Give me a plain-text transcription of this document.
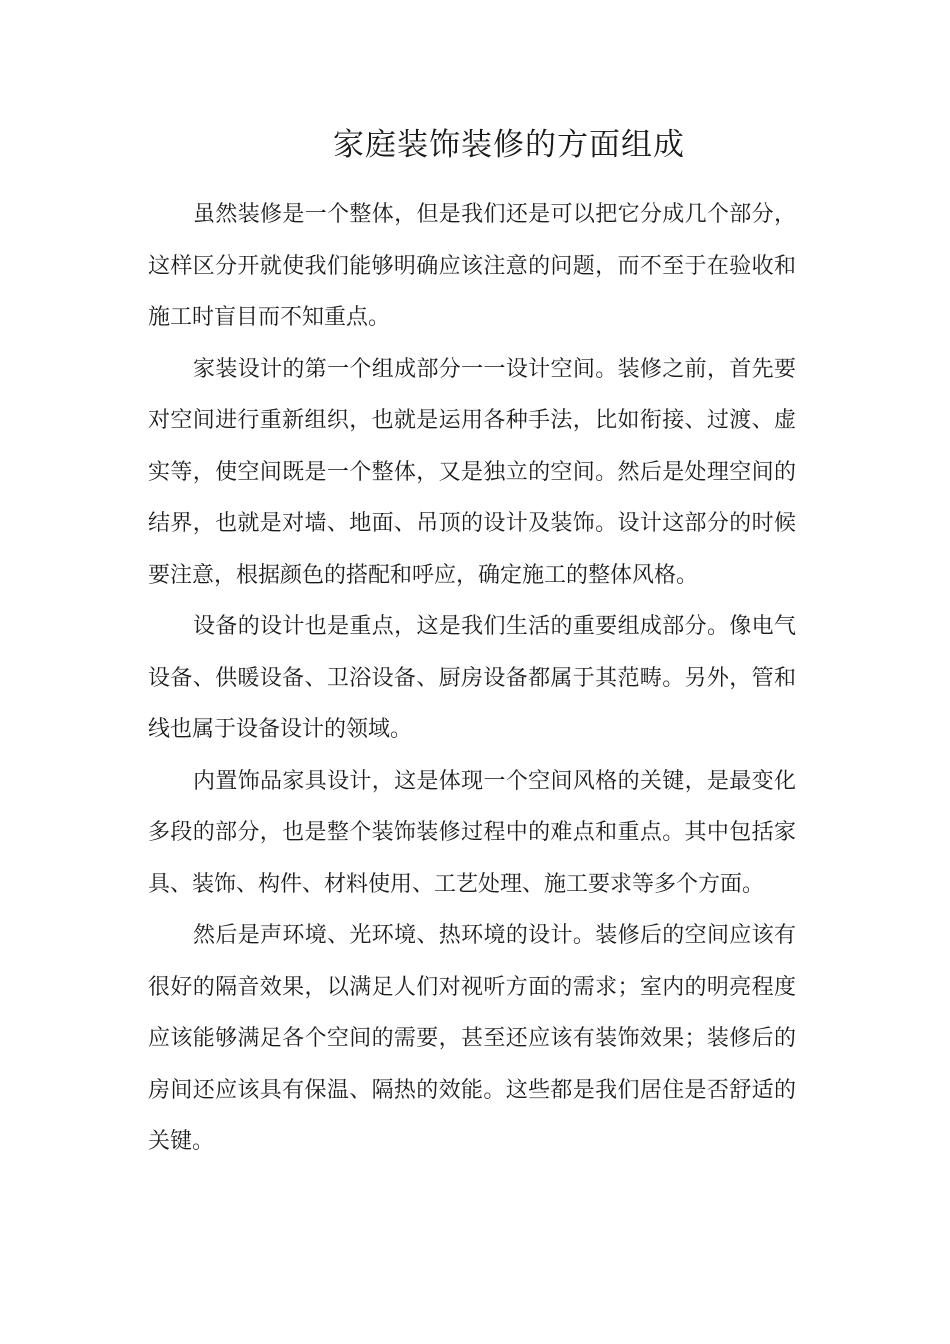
家庭装饰装修的方面组成

虽然装修是一个整体，但是我们还是可以把它分成几个部分，这样区分开就使我们能够明确应该注意的问题，而不至于在验收和施工时盲目而不知重点。

家装设计的第一个组成部分一一设计空间。装修之前，首先要对空间进行重新组织，也就是运用各种手法，比如衔接、过渡、虚实等，使空间既是一个整体，又是独立的空间。然后是处理空间的结界，也就是对墙、地面、吊顶的设计及装饰。设计这部分的时候要注意，根据颜色的搭配和呼应，确定施工的整体风格。

设备的设计也是重点，这是我们生活的重要组成部分。像电气设备、供暖设备、卫浴设备、厨房设备都属于其范畴。另外，管和线也属于设备设计的领域。

内置饰品家具设计，这是体现一个空间风格的关键，是最变化多段的部分，也是整个装饰装修过程中的难点和重点。其中包括家具、装饰、构件、材料使用、工艺处理、施工要求等多个方面。

然后是声环境、光环境、热环境的设计。装修后的空间应该有很好的隔音效果，以满足人们对视听方面的需求；室内的明亮程度应该能够满足各个空间的需要，甚至还应该有装饰效果；装修后的房间还应该具有保温、隔热的效能。这些都是我们居住是否舒适的关键。
